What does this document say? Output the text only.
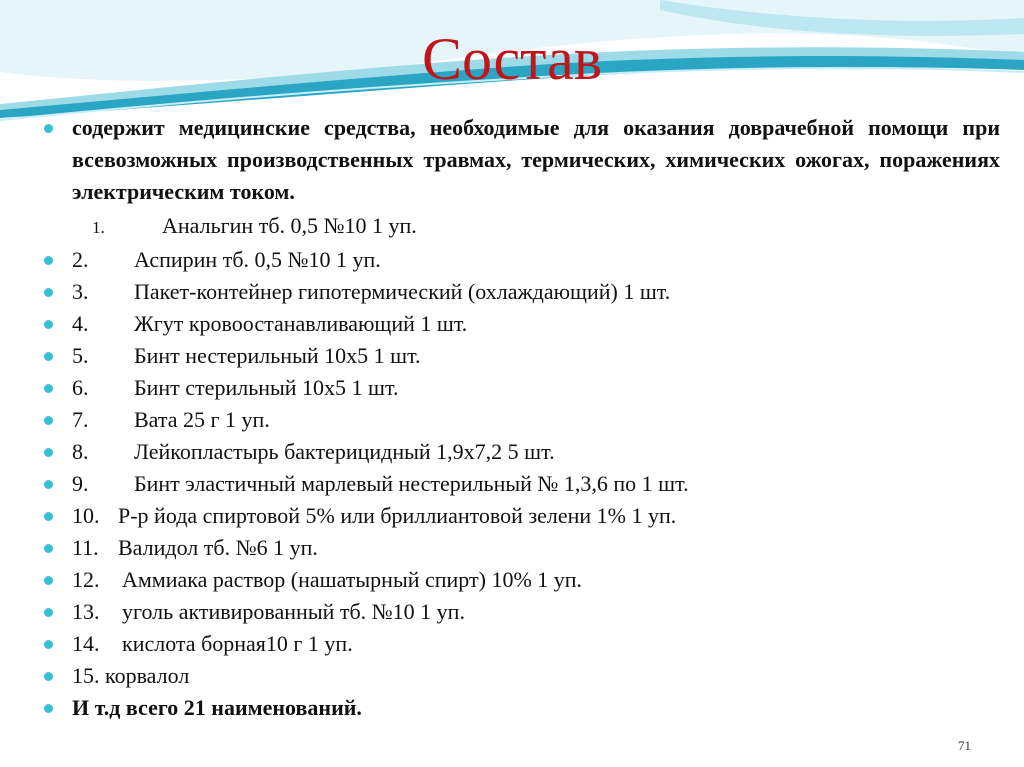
Состав
содержит медицинские средства, необходимые для оказания доврачебной помощи при всевозможных производственных травмах, термических, химических ожогах, поражениях электрическим током.
1.	Анальгин тб. 0,5 №10 1 уп.
2. Аспирин тб. 0,5 №10 1 уп.
3. Пакет-контейнер гипотермический (охлаждающий) 1 шт.
4. Жгут кровоостанавливающий 1 шт.
5. Бинт нестерильный 10х5 1 шт.
6. Бинт стерильный 10х5 1 шт.
7. Вата 25 г 1 уп.
8. Лейкопластырь бактерицидный 1,9х7,2 5 шт.
9. Бинт эластичный марлевый нестерильный № 1,3,6 по 1 шт.
10. Р-р йода спиртовой 5% или бриллиантовой зелени 1% 1 уп.
11. Валидол тб. №6 1 уп.
12. Аммиака раствор (нашатырный спирт) 10% 1 уп.
13. уголь активированный тб. №10 1 уп.
14. кислота борная10 г 1 уп.
15. корвалол
И т.д всего 21 наименований.
71
